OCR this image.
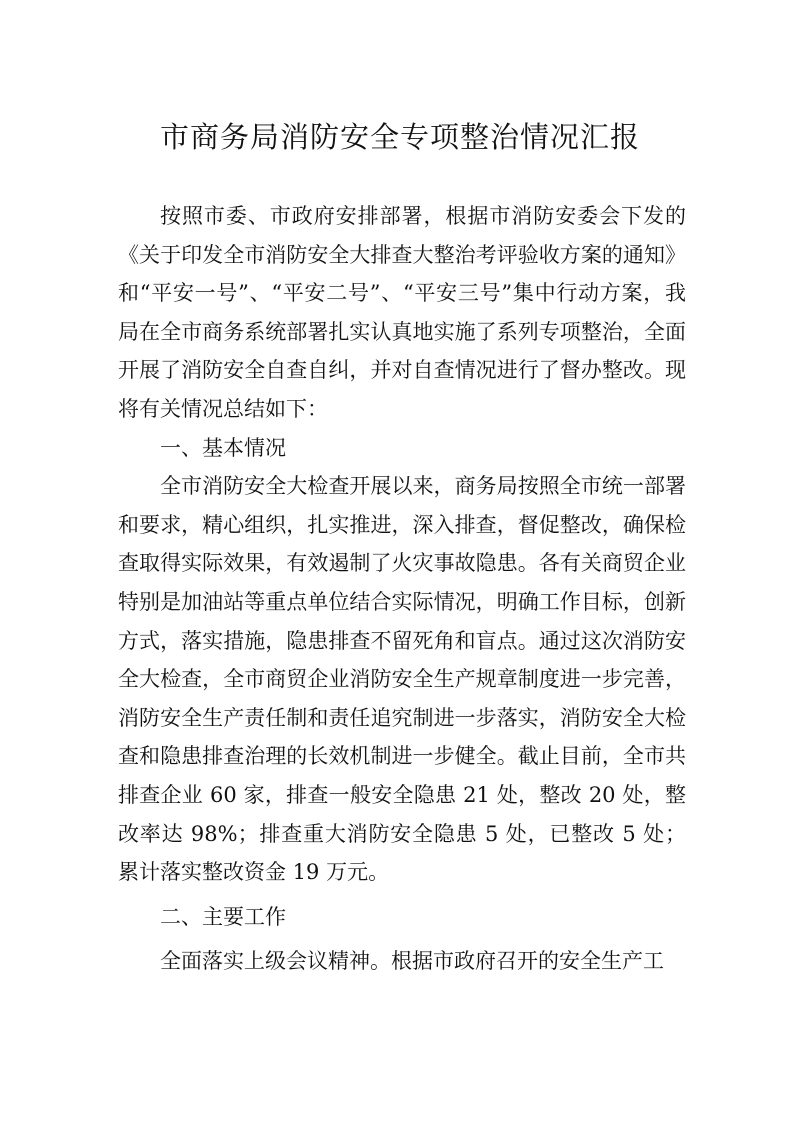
市商务局消防安全专项整治情况汇报

按照市委、市政府安排部署，根据市消防安委会下发的《关于印发全市消防安全大排查大整治考评验收方案的通知》和“平安一号”、“平安二号”、“平安三号”集中行动方案，我局在全市商务系统部署扎实认真地实施了系列专项整治，全面开展了消防安全自查自纠，并对自查情况进行了督办整改。现将有关情况总结如下：

一、基本情况

全市消防安全大检查开展以来，商务局按照全市统一部署和要求，精心组织，扎实推进，深入排查，督促整改，确保检查取得实际效果，有效遏制了火灾事故隐患。各有关商贸企业特别是加油站等重点单位结合实际情况，明确工作目标，创新方式，落实措施，隐患排查不留死角和盲点。通过这次消防安全大检查，全市商贸企业消防安全生产规章制度进一步完善，消防安全生产责任制和责任追究制进一步落实，消防安全大检查和隐患排查治理的长效机制进一步健全。截止目前，全市共排查企业 60 家，排查一般安全隐患 21 处，整改 20 处，整改率达 98%；排查重大消防安全隐患 5 处，已整改 5 处；累计落实整改资金 19 万元。

二、主要工作

全面落实上级会议精神。根据市政府召开的安全生产工
